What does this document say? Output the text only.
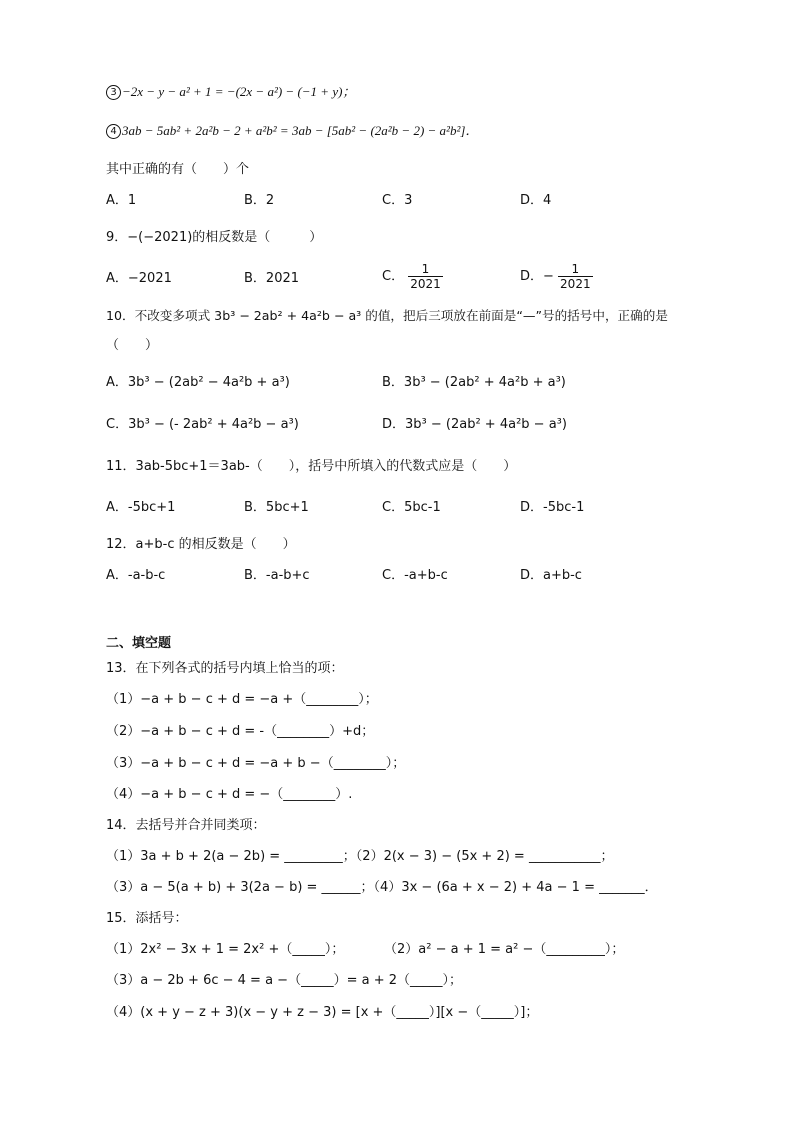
3 −2x − y − a² + 1 = −(2x − a²) − (−1 + y)；
4 3ab − 5ab² + 2a²b − 2 + a²b² = 3ab − [5ab² − (2a²b − 2) − a²b²]．
其中正确的有（　　）个
A．1	B．2	C．3	D．4
9．−(−2021)的相反数是（　　　）
A．−2021	B．2021	C． $\frac{1}{2021}$	D．− $\frac{1}{2021}$
10．不改变多项式 3b³ − 2ab² + 4a²b − a³ 的值，把后三项放在前面是“—”号的括号中，正确的是
（　　）
A．3b³ − (2ab² − 4a²b + a³)	B．3b³ − (2ab² + 4a²b + a³)
C．3b³ − (- 2ab² + 4a²b − a³)	D．3b³ − (2ab² + 4a²b − a³)
11．3ab-5bc+1＝3ab-（　　），括号中所填入的代数式应是（　　）
A．-5bc+1	B．5bc+1	C．5bc-1	D．-5bc-1
12．a+b-c 的相反数是（　　）
A．-a-b-c	B．-a-b+c	C．-a+b-c	D．a+b-c
二、填空题
13．在下列各式的括号内填上恰当的项：
（1）−a + b − c + d = −a +（________）；
（2）−a + b − c + d = -（________）+d；
（3）−a + b − c + d = −a + b −（________）；
（4）−a + b − c + d = −（________）.
14．去括号并合并同类项：
（1）3a + b + 2(a − 2b) = _________；（2）2(x − 3) − (5x + 2) = ___________；
（3）a − 5(a + b) + 3(2a − b) = ______；（4）3x − (6a + x − 2) + 4a − 1 = _______．
15．添括号：
（1）2x² − 3x + 1 = 2x² +（_____）；	（2）a² − a + 1 = a² −（_________）；
（3）a − 2b + 6c − 4 = a −（_____）= a + 2（_____）；
（4）(x + y − z + 3)(x − y + z − 3) = [x +（_____）][x −（_____）]；
